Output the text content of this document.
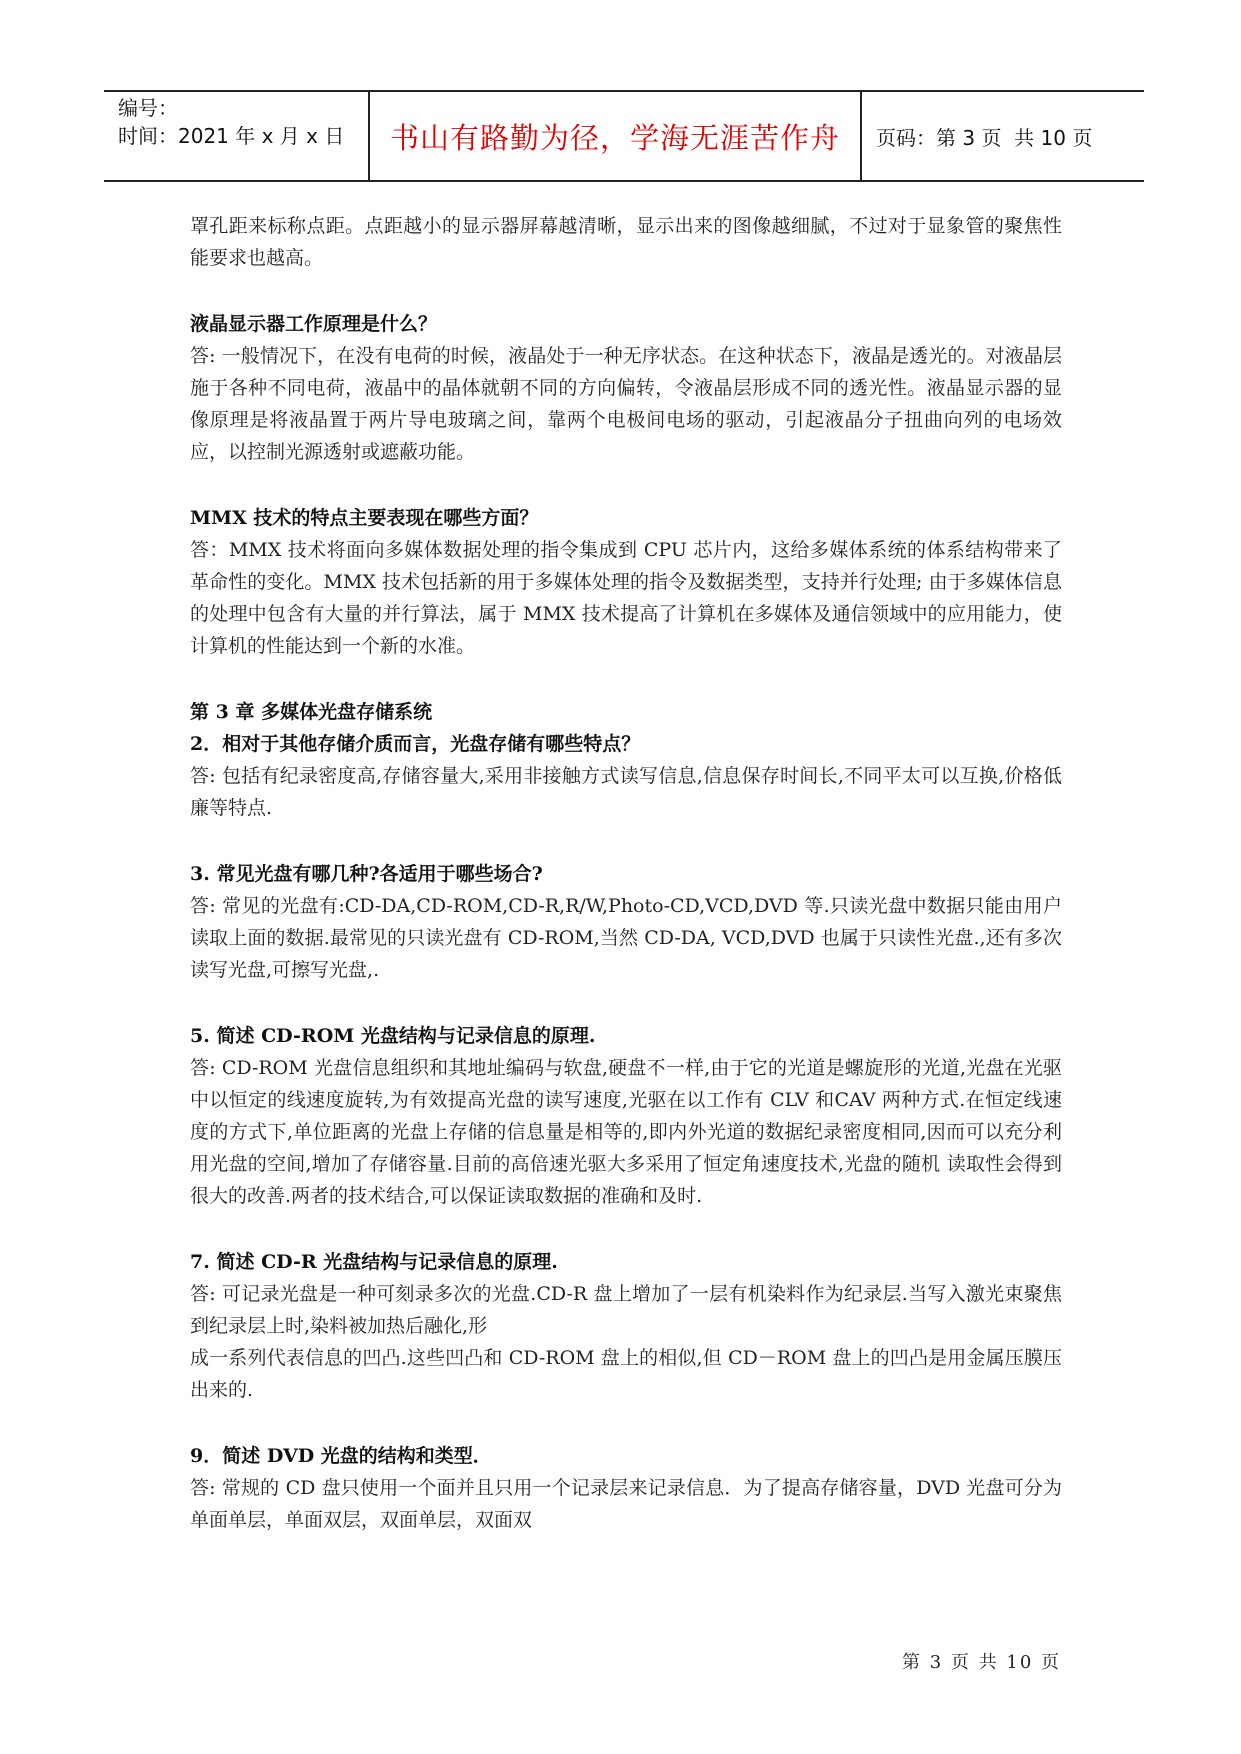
编号：
时间：2021 年 x 月 x 日	书山有路勤为径，学海无涯苦作舟	页码：第 3 页  共 10 页

罩孔距来标称点距。点距越小的显示器屏幕越清晰，显示出来的图像越细腻，不过对于显象管的聚焦性能要求也越高。

液晶显示器工作原理是什么？

答: 一般情况下，在没有电荷的时候，液晶处于一种无序状态。在这种状态下，液晶是透光的。对液晶层施于各种不同电荷，液晶中的晶体就朝不同的方向偏转，令液晶层形成不同的透光性。液晶显示器的显像原理是将液晶置于两片导电玻璃之间，靠两个电极间电场的驱动，引起液晶分子扭曲向列的电场效应，以控制光源透射或遮蔽功能。

MMX 技术的特点主要表现在哪些方面？

答：MMX 技术将面向多媒体数据处理的指令集成到 CPU 芯片内，这给多媒体系统的体系结构带来了革命性的变化。MMX 技术包括新的用于多媒体处理的指令及数据类型，支持并行处理; 由于多媒体信息的处理中包含有大量的并行算法，属于 MMX 技术提高了计算机在多媒体及通信领域中的应用能力，使计算机的性能达到一个新的水准。

第 3 章 多媒体光盘存储系统

2．相对于其他存储介质而言，光盘存储有哪些特点？

答: 包括有纪录密度高,存储容量大,采用非接触方式读写信息,信息保存时间长,不同平太可以互换,价格低廉等特点.

3. 常见光盘有哪几种?各适用于哪些场合?

答: 常见的光盘有:CD-DA,CD-ROM,CD-R,R/W,Photo-CD,VCD,DVD 等.只读光盘中数据只能由用户读取上面的数据.最常见的只读光盘有 CD-ROM,当然 CD-DA, VCD,DVD 也属于只读性光盘.,还有多次读写光盘,可擦写光盘,.

5. 简述 CD-ROM 光盘结构与记录信息的原理.

答: CD-ROM 光盘信息组织和其地址编码与软盘,硬盘不一样,由于它的光道是螺旋形的光道,光盘在光驱中以恒定的线速度旋转,为有效提高光盘的读写速度,光驱在以工作有 CLV 和CAV 两种方式.在恒定线速度的方式下,单位距离的光盘上存储的信息量是相等的,即内外光道的数据纪录密度相同,因而可以充分利用光盘的空间,增加了存储容量.目前的高倍速光驱大多采用了恒定角速度技术,光盘的随机 读取性会得到很大的改善.两者的技术结合,可以保证读取数据的准确和及时.

7. 简述 CD-R 光盘结构与记录信息的原理.

答: 可记录光盘是一种可刻录多次的光盘.CD-R 盘上增加了一层有机染料作为纪录层.当写入激光束聚焦到纪录层上时,染料被加热后融化,形

成一系列代表信息的凹凸.这些凹凸和 CD-ROM 盘上的相似,但 CD－ROM 盘上的凹凸是用金属压膜压出来的.

9．简述 DVD 光盘的结构和类型．

答: 常规的 CD 盘只使用一个面并且只用一个记录层来记录信息．为了提高存储容量，DVD 光盘可分为单面单层，单面双层，双面单层，双面双

第 3 页 共 10 页
